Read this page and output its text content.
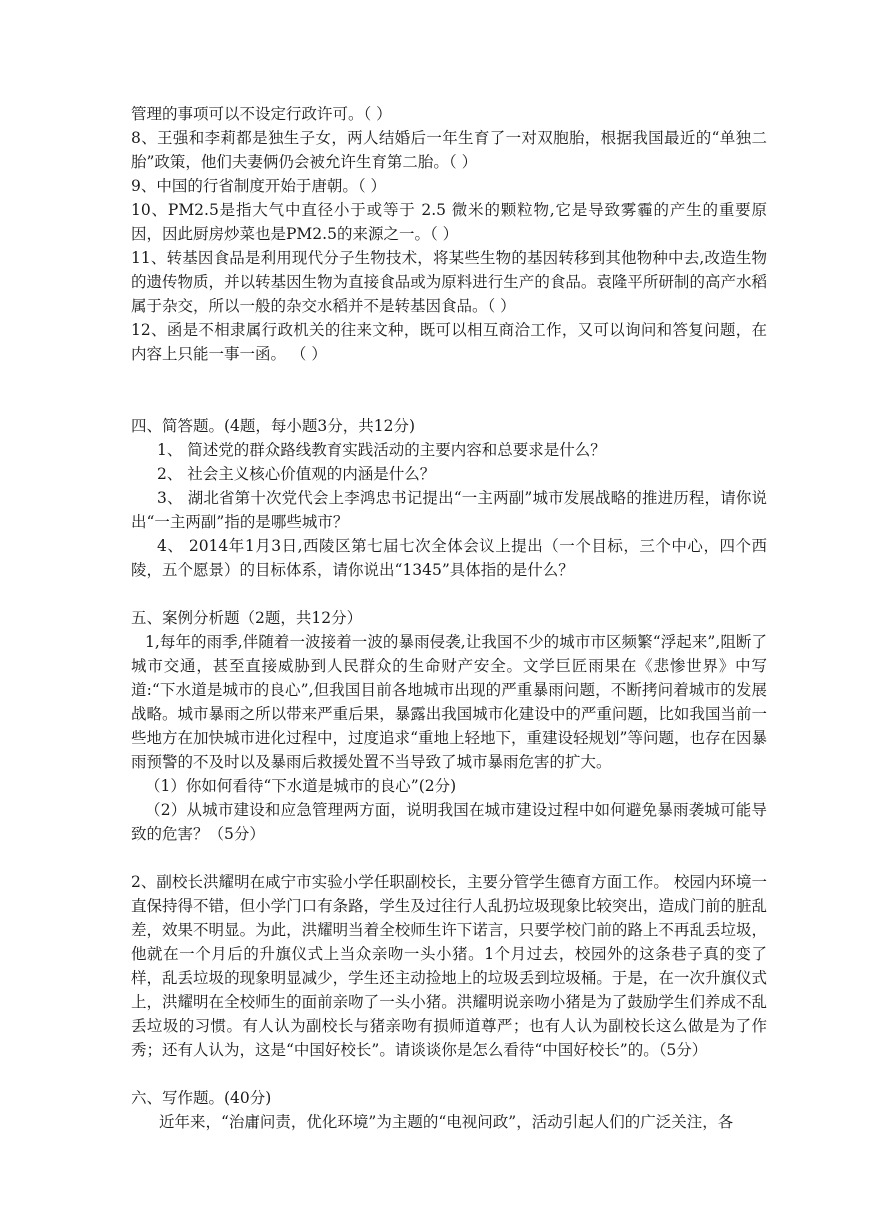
管理的事项可以不设定行政许可。（ ）

8、王强和李莉都是独生子女，两人结婚后一年生育了一对双胞胎，根据我国最近的“单独二胎”政策，他们夫妻俩仍会被允许生育第二胎。（ ）

9、中国的行省制度开始于唐朝。（ ）

10、PM2.5是指大气中直径小于或等于 2.5 微米的颗粒物,它是导致雾霾的产生的重要原因，因此厨房炒菜也是PM2.5的来源之一。（ ）

11、转基因食品是利用现代分子生物技术，将某些生物的基因转移到其他物种中去,改造生物的遗传物质，并以转基因生物为直接食品或为原料进行生产的食品。袁隆平所研制的高产水稻属于杂交，所以一般的杂交水稻并不是转基因食品。（ ）

12、函是不相隶属行政机关的往来文种，既可以相互商洽工作，又可以询问和答复问题，在内容上只能一事一函。 （ ）

四、简答题。(4题，每小题3分，共12分)

1、 简述党的群众路线教育实践活动的主要内容和总要求是什么？

2、 社会主义核心价值观的内涵是什么？

3、 湖北省第十次党代会上李鸿忠书记提出“一主两副”城市发展战略的推进历程，请你说出“一主两副”指的是哪些城市？

4、 2014年1月3日,西陵区第七届七次全体会议上提出（一个目标，三个中心，四个西陵，五个愿景）的目标体系，请你说出“1345”具体指的是什么？

五、案例分析题（2题，共12分）

1,每年的雨季,伴随着一波接着一波的暴雨侵袭,让我国不少的城市市区频繁“浮起来”,阻断了城市交通，甚至直接威胁到人民群众的生命财产安全。文学巨匠雨果在《悲惨世界》中写道:“下水道是城市的良心”,但我国目前各地城市出现的严重暴雨问题，不断拷问着城市的发展战略。城市暴雨之所以带来严重后果，暴露出我国城市化建设中的严重问题，比如我国当前一些地方在加快城市进化过程中，过度追求“重地上轻地下，重建设轻规划”等问题，也存在因暴雨预警的不及时以及暴雨后救援处置不当导致了城市暴雨危害的扩大。

（1）你如何看待“下水道是城市的良心”(2分)

（2）从城市建设和应急管理两方面，说明我国在城市建设过程中如何避免暴雨袭城可能导致的危害？（5分）

2、副校长洪耀明在咸宁市实验小学任职副校长，主要分管学生德育方面工作。 校园内环境一直保持得不错，但小学门口有条路，学生及过往行人乱扔垃圾现象比较突出，造成门前的脏乱差，效果不明显。为此，洪耀明当着全校师生许下诺言，只要学校门前的路上不再乱丢垃圾，他就在一个月后的升旗仪式上当众亲吻一头小猪。1个月过去，校园外的这条巷子真的变了样，乱丢垃圾的现象明显减少，学生还主动捡地上的垃圾丢到垃圾桶。于是，在一次升旗仪式上，洪耀明在全校师生的面前亲吻了一头小猪。洪耀明说亲吻小猪是为了鼓励学生们养成不乱丢垃圾的习惯。有人认为副校长与猪亲吻有损师道尊严；也有人认为副校长这么做是为了作秀；还有人认为，这是“中国好校长”。请谈谈你是怎么看待“中国好校长”的。（5分）

六、写作题。(40分)

近年来，“治庸问责，优化环境”为主题的“电视问政”，活动引起人们的广泛关注，各
